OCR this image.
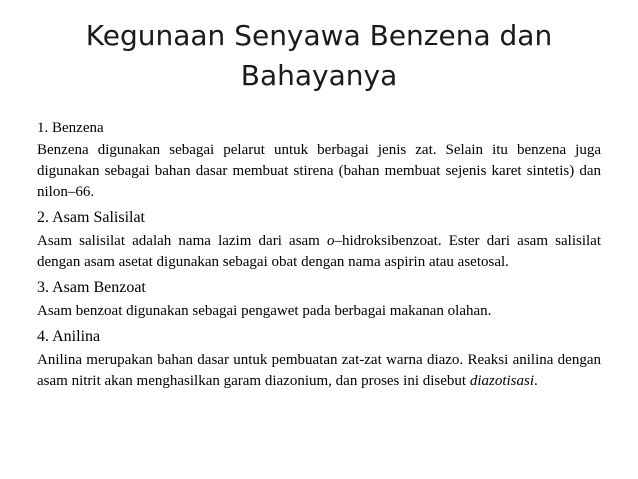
Kegunaan Senyawa Benzena dan
Bahayanya
1. Benzena
Benzena digunakan sebagai pelarut untuk berbagai jenis zat. Selain itu benzena juga digunakan sebagai bahan dasar membuat stirena (bahan membuat sejenis karet sintetis) dan nilon–66.
2. Asam Salisilat
Asam salisilat adalah nama lazim dari asam o–hidroksibenzoat. Ester dari asam salisilat dengan asam asetat digunakan sebagai obat dengan nama aspirin atau asetosal.
3. Asam Benzoat
Asam benzoat digunakan sebagai pengawet pada berbagai makanan olahan.
4. Anilina
Anilina merupakan bahan dasar untuk pembuatan zat-zat warna diazo. Reaksi anilina dengan asam nitrit akan menghasilkan garam diazonium, dan proses ini disebut diazotisasi.
